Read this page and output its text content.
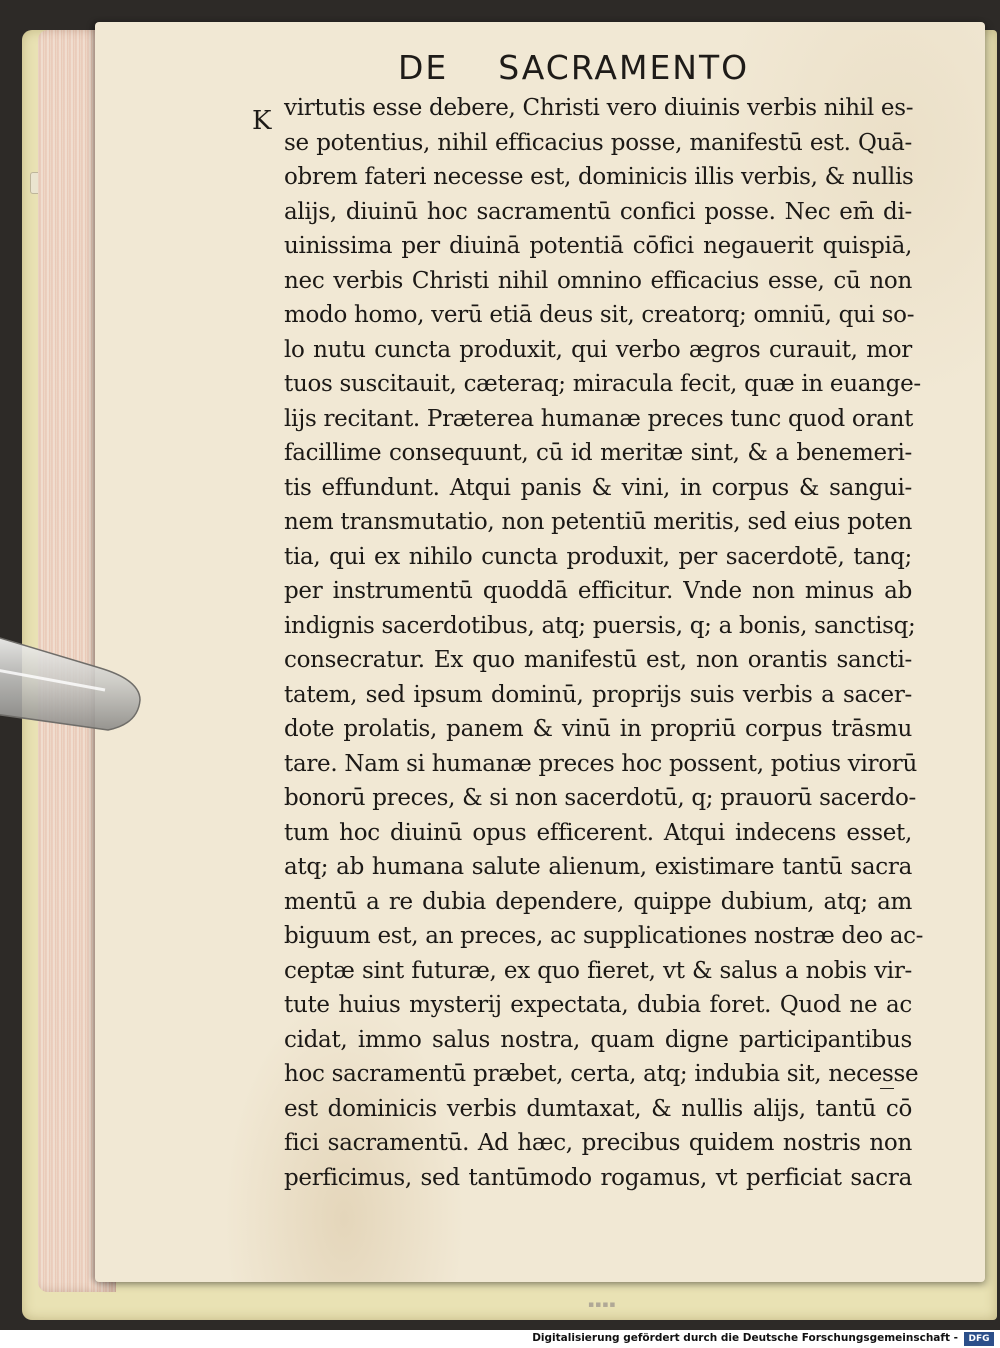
DE    SACRAMENTO
K virtutis esse debere, Christi vero diuinis verbis nihil es-
se potentius, nihil efficacius posse, manifestū est. Quā-
obrem fateri necesse est, dominicis illis verbis, & nullis
alijs, diuinū hoc sacramentū confici posse. Nec em̄ di-
uinissima per diuinā potentiā cōfici negauerit quispiā,
nec verbis Christi nihil omnino efficacius esse, cū non
modo homo, verū etiā deus sit, creatorq; omniū, qui so-
lo nutu cuncta produxit, qui verbo ægros curauit, mor
tuos suscitauit, cæteraq; miracula fecit, quæ in euange-
lijs recitant. Præterea humanæ preces tunc quod orant
facillime consequunt, cū id meritæ sint, & a benemeri-
tis effundunt. Atqui panis & vini, in corpus & sangui-
nem transmutatio, non petentiū meritis, sed eius poten
tia, qui ex nihilo cuncta produxit, per sacerdotē, tanq;
per instrumentū quoddā efficitur. Vnde non minus ab
indignis sacerdotibus, atq; puersis, q; a bonis, sanctisq;
consecratur. Ex quo manifestū est, non orantis sancti-
tatem, sed ipsum dominū, proprijs suis verbis a sacer-
dote prolatis, panem & vinū in propriū corpus trāsmu
tare. Nam si humanæ preces hoc possent, potius virorū
bonorū preces, & si non sacerdotū, q; prauorū sacerdo-
tum hoc diuinū opus efficerent. Atqui indecens esset,
atq; ab humana salute alienum, existimare tantū sacra
mentū a re dubia dependere, quippe dubium, atq; am
biguum est, an preces, ac supplicationes nostræ deo ac-
ceptæ sint futuræ, ex quo fieret, vt & salus a nobis vir-
tute huius mysterij expectata, dubia foret. Quod ne ac
cidat, immo salus nostra, quam digne participantibus
hoc sacramentū præbet, certa, atq; indubia sit, necesse
est dominicis verbis dumtaxat, & nullis alijs, tantū cō
fici sacramentū. Ad hæc, precibus quidem nostris non
perficimus, sed tantūmodo rogamus, vt perficiat sacra
▪▪▪▪
Digitalisierung gefördert durch die Deutsche Forschungsgemeinschaft -	DFG
